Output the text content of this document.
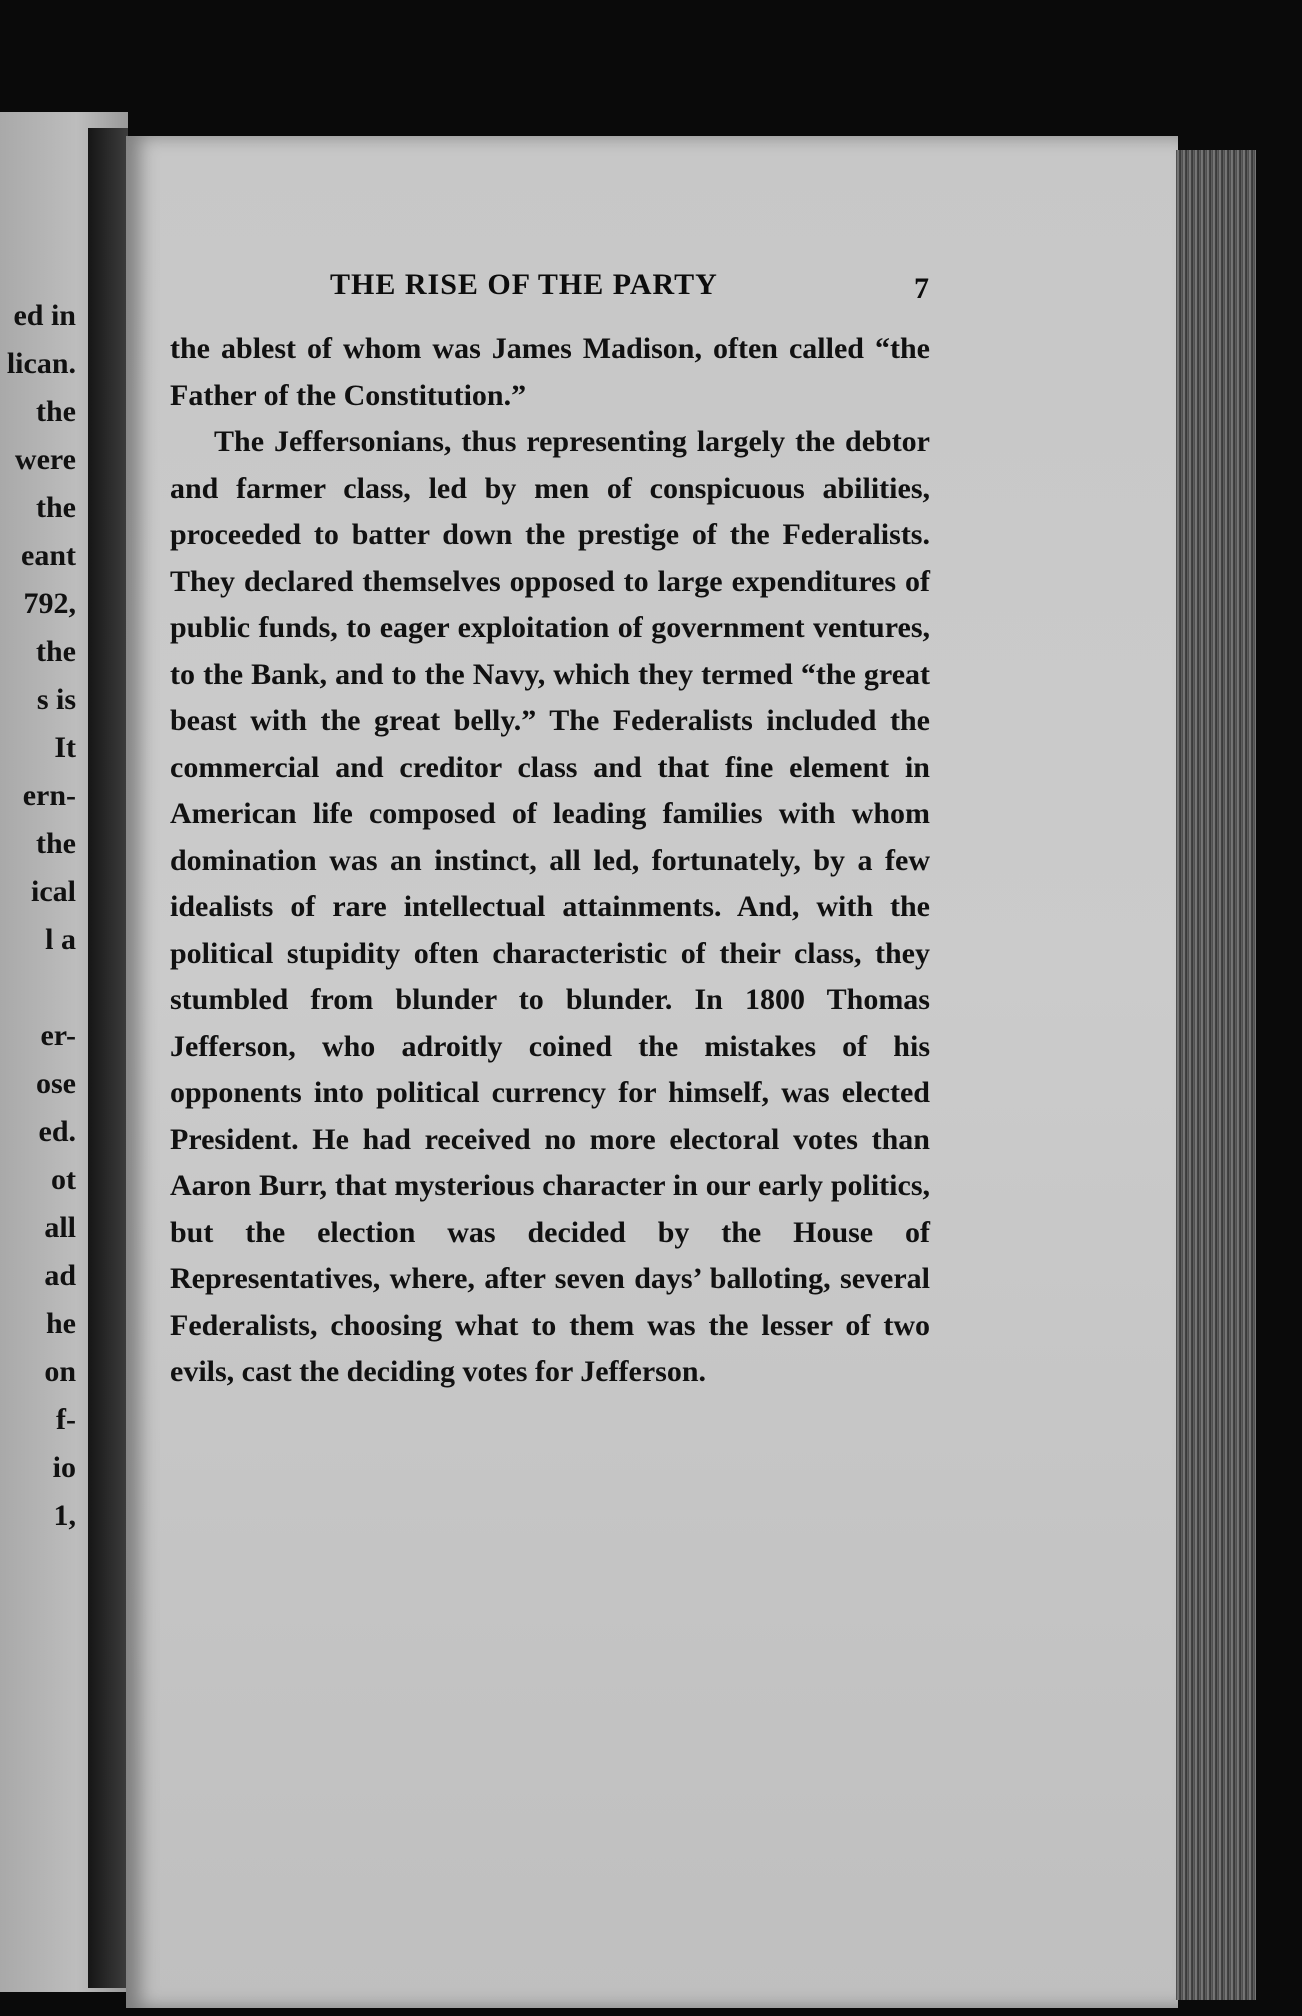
ed in
lican.
the
were
the
eant
792,
the
s is
It
ern-
the
ical
l a
er-
ose
ed.
ot
all
ad
he
on
f-
io
1,
THE RISE OF THE PARTY	7

the ablest of whom was James Madison, often called “the Father of the Constitution.”

The Jeffersonians, thus representing largely the debtor and farmer class, led by men of conspicuous abilities, proceeded to batter down the prestige of the Federalists. They declared themselves opposed to large expenditures of public funds, to eager exploitation of government ventures, to the Bank, and to the Navy, which they termed “the great beast with the great belly.” The Federalists included the commercial and creditor class and that fine element in American life composed of leading families with whom domination was an instinct, all led, fortunately, by a few idealists of rare intellectual attainments. And, with the political stupidity often characteristic of their class, they stumbled from blunder to blunder. In 1800 Thomas Jefferson, who adroitly coined the mistakes of his opponents into political currency for himself, was elected President. He had received no more electoral votes than Aaron Burr, that mysterious character in our early politics, but the election was decided by the House of Representatives, where, after seven days’ balloting, several Federalists, choosing what to them was the lesser of two evils, cast the deciding votes for Jefferson.
